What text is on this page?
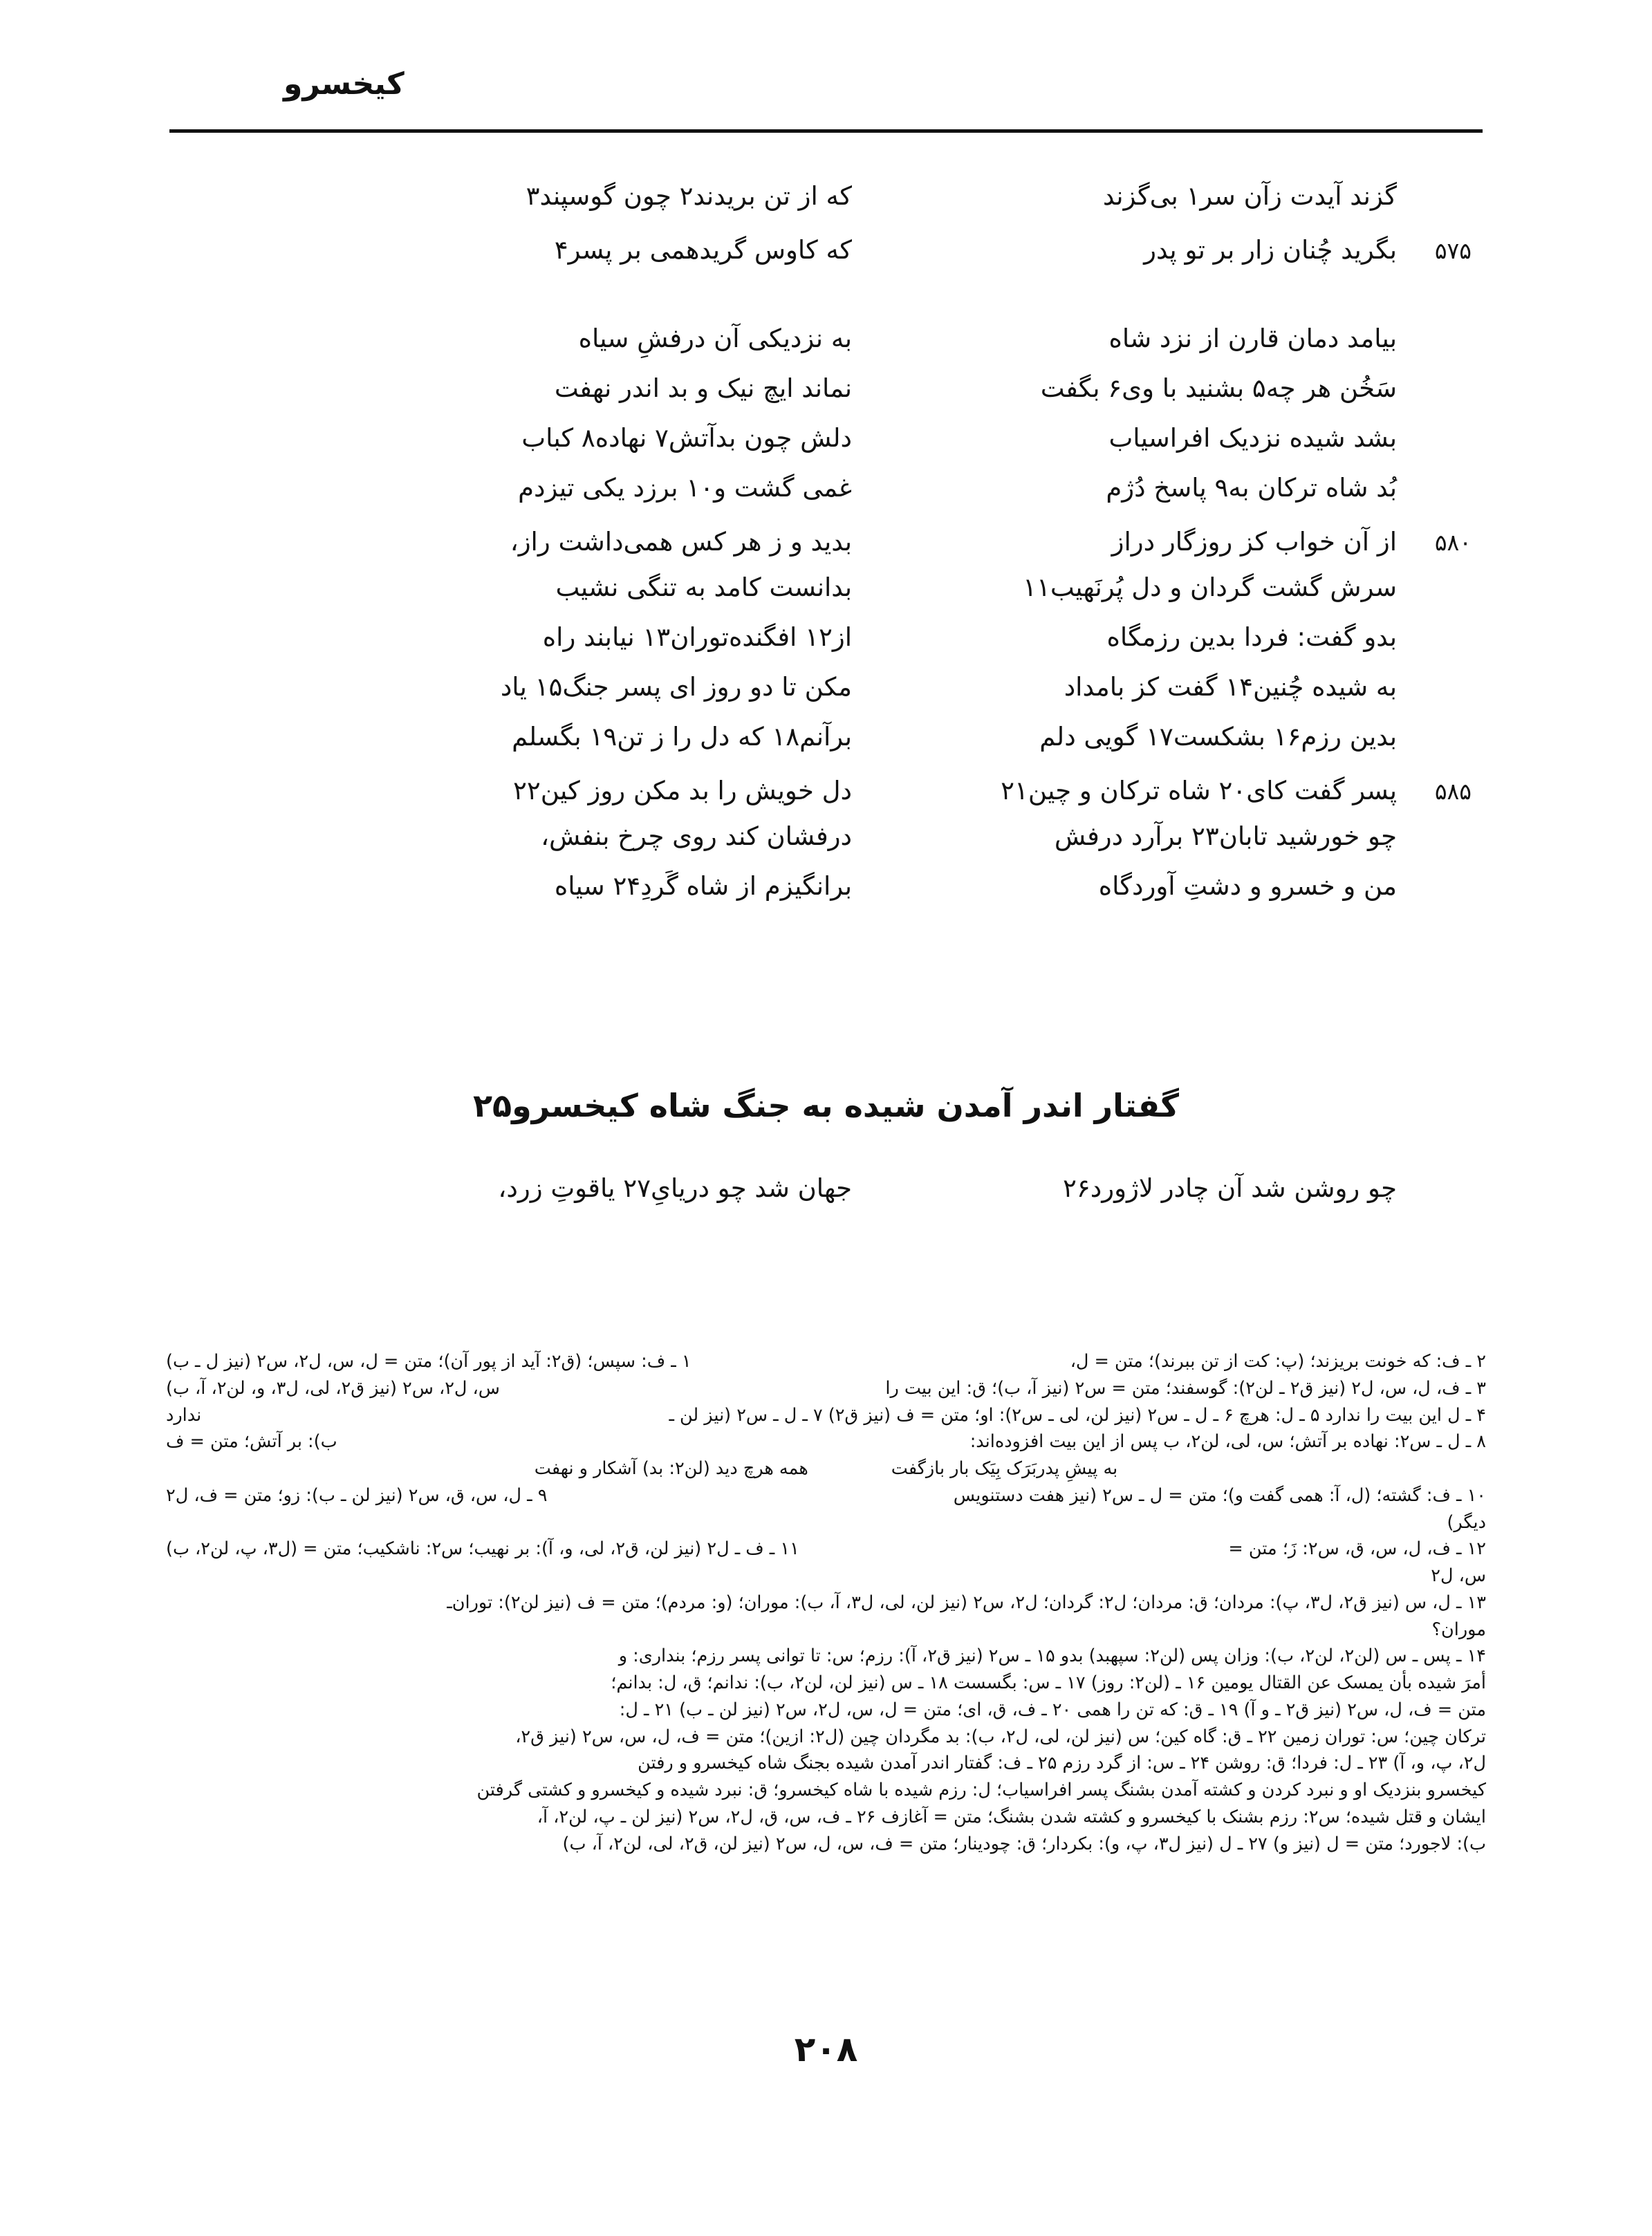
کیخسرو
گزند آیدت زآن سر۱ بی‌گزند
که از تن بریدند۲ چون گوسپند۳
۵۷۵
بگرید چُنان زار بر تو پدر
که کاوس گریدهمی بر پسر۴
بیامد دمان قارن از نزد شاه
به نزدیکی آن درفشِ سیاه
سَخُن هر چه۵ بشنید با وی۶ بگفت
نماند ایچ نیک و بد اندر نهفت
بشد شیده نزدیک افراسیاب
دلش چون بدآتش۷ نهاده۸ کباب
بُد شاه ترکان به۹ پاسخ دُژم
غمی گشت و۱۰ برزد یکی تیزدم
۵۸۰
از آن خواب کز روزگار دراز
بدید و ز هر کس همی‌داشت راز،
سرش گشت گردان و دل پُرنَهیب۱۱
بدانست کامد به تنگی نشیب
بدو گفت: فردا بدین رزمگاه
از۱۲ افگنده‌توران۱۳ نیابند راه
به شیده چُنین۱۴ گفت کز بامداد
مکن تا دو روز ای پسر جنگ۱۵ یاد
بدین رزم۱۶ بشکست۱۷ گویی دلم
برآنم۱۸ که دل را ز تن۱۹ بگسلم
۵۸۵
پسر گفت کای۲۰ شاه ترکان و چین۲۱
دل خویش را بد مکن روز کین۲۲
چو خورشید تابان۲۳ برآرد درفش
درفشان کند روی چرخ بنفش،
من و خسرو و دشتِ آوردگاه
برانگیزم از شاه گَردِ۲۴ سیاه
گفتار اندر آمدن شیده به جنگ شاه کیخسرو۲۵
چو روشن شد آن چادر لاژورد۲۶
جهان شد چو دریایِ۲۷ یاقوتِ زرد،
۲ ـ ف: که خونت بریزند؛ (پ: کت از تن ببرند)؛ متن = ل،
۱ ـ ف: سپس؛ (ق۲: آید از پور آن)؛ متن = ل، س، ل۲، س۲ (نیز ل ـ ب)
۳ ـ ف، ل، س، ل۲ (نیز ق۲ ـ لن۲): گوسفند؛ متن = س۲ (نیز آ، ب)؛ ق: این بیت را
س، ل۲، س۲ (نیز ق۲، لی، ل۳، و، لن۲، آ، ب)
۴ ـ ل این بیت را ندارد ۵ ـ ل: هرچ ۶ ـ ل ـ س۲ (نیز لن، لی ـ س۲): او؛ متن = ف (نیز ق۲) ۷ ـ ل ـ س۲ (نیز لن ـ
ندارد
۸ ـ ل ـ س۲: نهاده بر آتش؛ س، لی، لن۲، ب پس از این بیت افزوده‌اند:
ب): بر آتش؛ متن = ف
به پیشِ پدربَرَک بِیَک بار بازگفت
همه هرچ دید (لن۲: بد) آشکار و نهفت
۱۰ ـ ف: گشته؛ (ل، آ: همی گفت و)؛ متن = ل ـ س۲ (نیز هفت دستنویس
۹ ـ ل، س، ق، س۲ (نیز لن ـ ب): زو؛ متن = ف، ل۲
دیگر)
۱۲ ـ ف، ل، س، ق، س۲: زَ؛ متن =
۱۱ ـ ف ـ ل۲ (نیز لن، ق۲، لی، و، آ): بر نهیب؛ س۲: ناشکیب؛ متن = (ل۳، پ، لن۲، ب)
س، ل۲
۱۳ ـ ل، س (نیز ق۲، ل۳، پ): مردان؛ ق: مردان؛ ل۲: گردان؛ ل۲، س۲ (نیز لن، لی، ل۳، آ، ب): موران؛ (و: مردم)؛ متن = ف (نیز لن۲): توران‌ـ
موران؟
۱۴ ـ پس ـ س (لن۲، لن۲، ب): وزان پس (لن۲: سپهبد) بدو ۱۵ ـ س۲ (نیز ق۲، آ): رزم؛ س: تا توانی پسر رزم؛ بنداری: و
أمرَ شیده بأن یمسک عن القتال یومین ۱۶ ـ (لن۲: روز) ۱۷ ـ س: بگسست ۱۸ ـ س (نیز لن، لن۲، ب): ندانم؛ ق، ل: بدانم؛
متن = ف، ل، س۲ (نیز ق۲ ـ و آ) ۱۹ ـ ق: که تن را همی ۲۰ ـ ف، ق، ای؛ متن = ل، س، ل۲، س۲ (نیز لن ـ ب) ۲۱ ـ ل:
ترکان چین؛ س: توران زمین ۲۲ ـ ق: گاه کین؛ س (نیز لن، لی، ل۲، ب): بد مگردان چین (ل۲: ازین)؛ متن = ف، ل، س، س۲ (نیز ق۲،
ل۲، پ، و، آ) ۲۳ ـ ل: فردا؛ ق: روشن ۲۴ ـ س: از گرد رزم ۲۵ ـ ف: گفتار اندر آمدن شیده بجنگ شاه کیخسرو و رفتن
کیخسرو بنزدیک او و نبرد کردن و کشته آمدن بشنگ پسر افراسیاب؛ ل: رزم شیده با شاه کیخسرو؛ ق: نبرد شیده و کیخسرو و کشتی گرفتن
ایشان و قتل شیده؛ س۲: رزم بشنک با کیخسرو و کشته شدن بشنگ؛ متن = آغازف ۲۶ ـ ف، س، ق، ل۲، س۲ (نیز لن ـ پ، لن۲، آ،
ب): لاجورد؛ متن = ل (نیز و) ۲۷ ـ ل (نیز ل۳، پ، و): بکردار؛ ق: چودینار؛ متن = ف، س، ل، س۲ (نیز لن، ق۲، لی، لن۲، آ، ب)
۲۰۸
